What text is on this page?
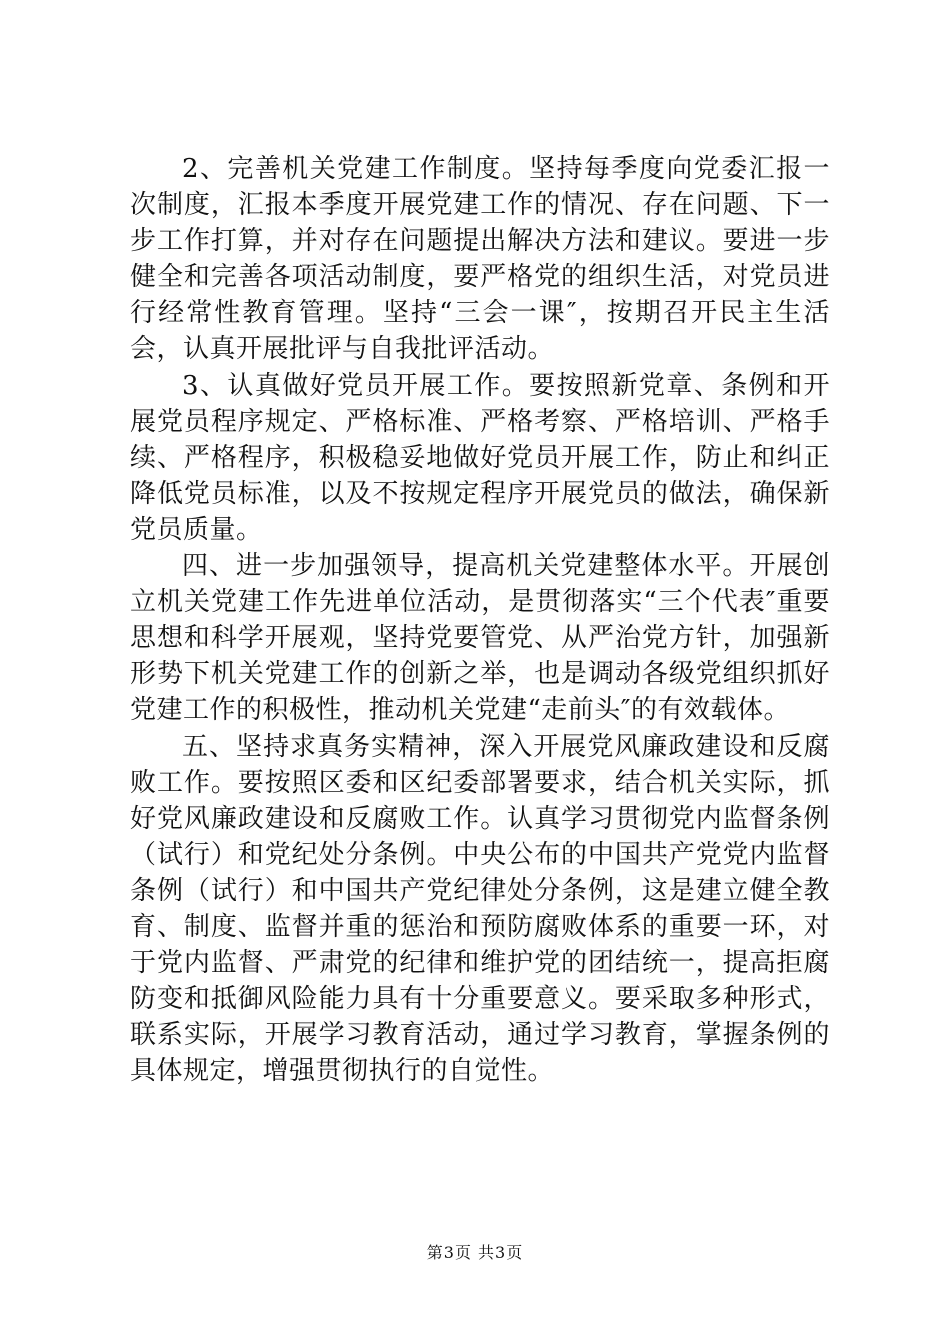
2、完善机关党建工作制度。坚持每季度向党委汇报一次制度，汇报本季度开展党建工作的情况、存在问题、下一步工作打算，并对存在问题提出解决方法和建议。要进一步健全和完善各项活动制度，要严格党的组织生活，对党员进行经常性教育管理。坚持“三会一课″，按期召开民主生活会，认真开展批评与自我批评活动。

3、认真做好党员开展工作。要按照新党章、条例和开展党员程序规定、严格标准、严格考察、严格培训、严格手续、严格程序，积极稳妥地做好党员开展工作，防止和纠正降低党员标准，以及不按规定程序开展党员的做法，确保新党员质量。

四、进一步加强领导，提高机关党建整体水平。开展创立机关党建工作先进单位活动，是贯彻落实“三个代表″重要思想和科学开展观，坚持党要管党、从严治党方针，加强新形势下机关党建工作的创新之举，也是调动各级党组织抓好党建工作的积极性，推动机关党建“走前头″的有效载体。

五、坚持求真务实精神，深入开展党风廉政建设和反腐败工作。要按照区委和区纪委部署要求，结合机关实际，抓好党风廉政建设和反腐败工作。认真学习贯彻党内监督条例（试行）和党纪处分条例。中央公布的中国共产党党内监督条例（试行）和中国共产党纪律处分条例，这是建立健全教育、制度、监督并重的惩治和预防腐败体系的重要一环，对于党内监督、严肃党的纪律和维护党的团结统一，提高拒腐防变和抵御风险能力具有十分重要意义。要采取多种形式，联系实际，开展学习教育活动，通过学习教育，掌握条例的具体规定，增强贯彻执行的自觉性。

第3页 共3页
